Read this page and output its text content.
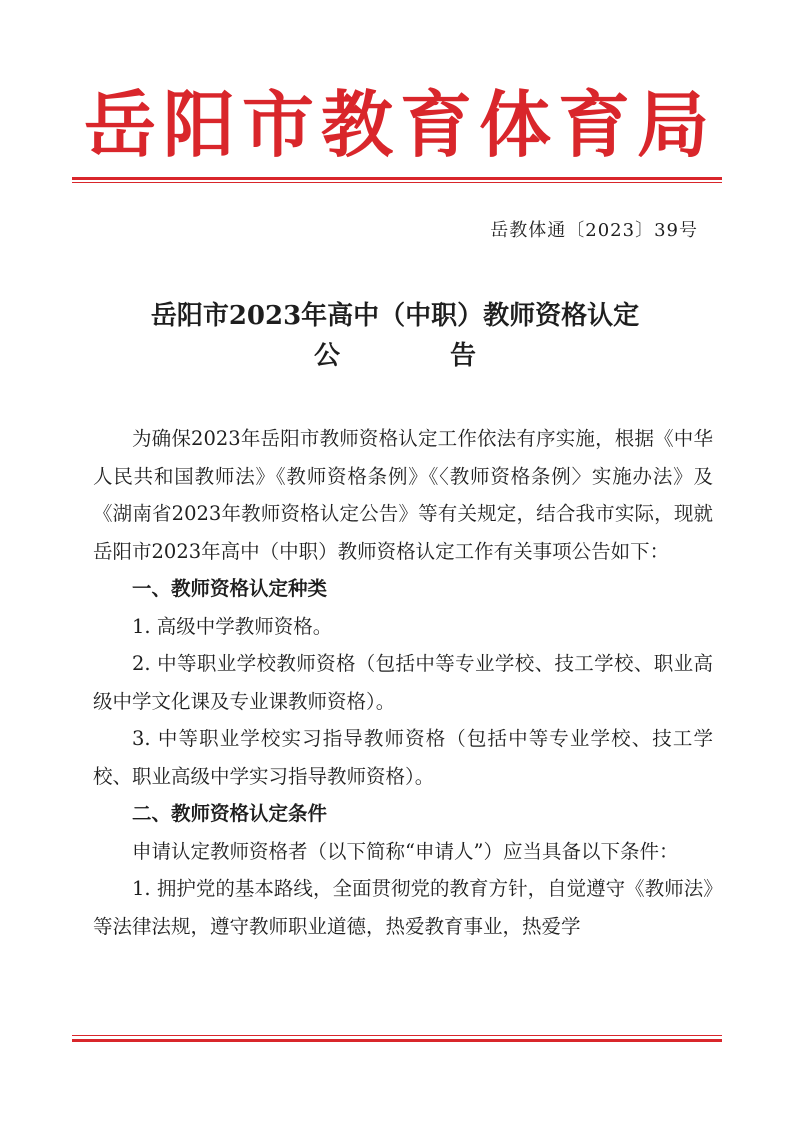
岳阳市教育体育局
岳教体通〔2023〕39号
岳阳市2023年高中（中职）教师资格认定
公告

为确保2023年岳阳市教师资格认定工作依法有序实施，根据《中华人民共和国教师法》《教师资格条例》《〈教师资格条例〉实施办法》及《湖南省2023年教师资格认定公告》等有关规定，结合我市实际，现就岳阳市2023年高中（中职）教师资格认定工作有关事项公告如下：

一、教师资格认定种类

1. 高级中学教师资格。

2. 中等职业学校教师资格（包括中等专业学校、技工学校、职业高级中学文化课及专业课教师资格）。

3. 中等职业学校实习指导教师资格（包括中等专业学校、技工学校、职业高级中学实习指导教师资格）。

二、教师资格认定条件

申请认定教师资格者（以下简称“申请人”）应当具备以下条件：

1. 拥护党的基本路线，全面贯彻党的教育方针，自觉遵守《教师法》等法律法规，遵守教师职业道德，热爱教育事业，热爱学
